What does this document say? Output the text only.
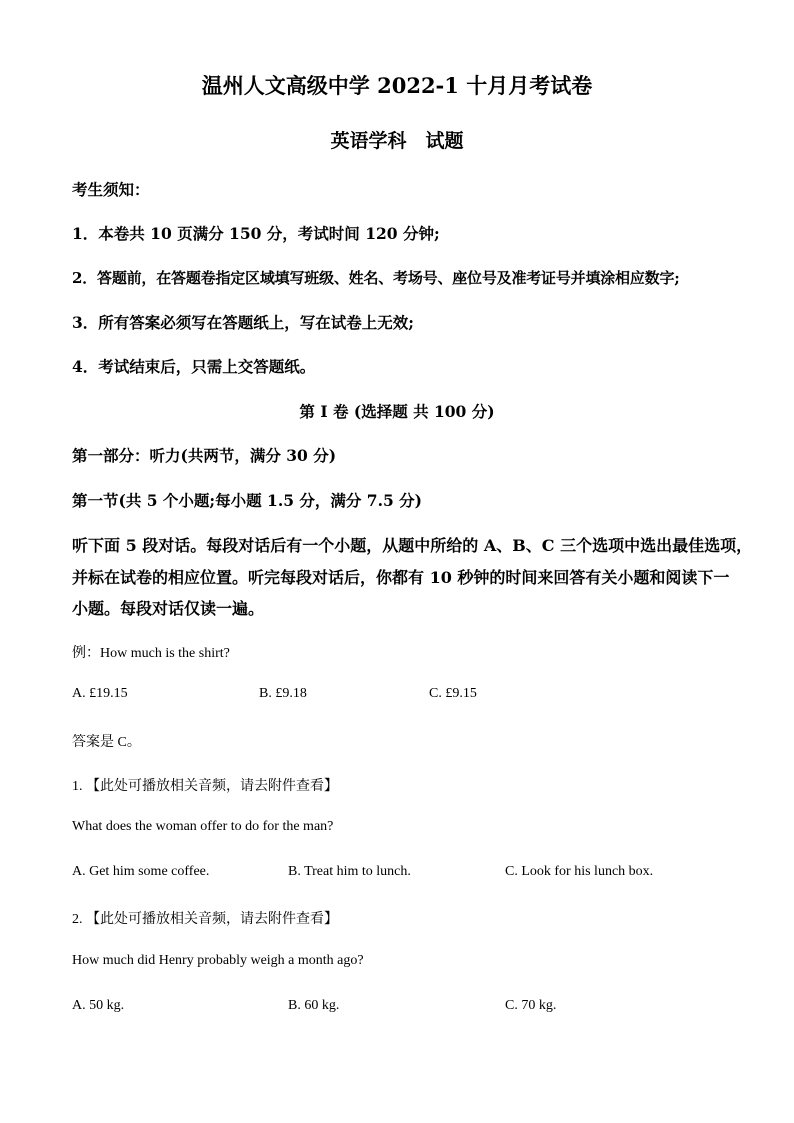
温州人文高级中学 2022-1 十月月考试卷
英语学科　试题
考生须知：
1．本卷共 10 页满分 150 分，考试时间 120 分钟;
2．答题前，在答题卷指定区域填写班级、姓名、考场号、座位号及准考证号并填涂相应数字;
3．所有答案必须写在答题纸上，写在试卷上无效;
4．考试结束后，只需上交答题纸。
第 I 卷 (选择题 共 100 分)
第一部分：听力(共两节，满分 30 分)
第一节(共 5 个小题;每小题 1.5 分，满分 7.5 分)
听下面 5 段对话。每段对话后有一个小题，从题中所给的 A、B、C 三个选项中选出最佳选项，
并标在试卷的相应位置。听完每段对话后，你都有 10 秒钟的时间来回答有关小题和阅读下一
小题。每段对话仅读一遍。
例：How much is the shirt?
A. £19.15	B. £9.18	C. £9.15
答案是 C。
1. 【此处可播放相关音频，请去附件查看】
What does the woman offer to do for the man?
A. Get him some coffee.	B. Treat him to lunch.	C. Look for his lunch box.
2. 【此处可播放相关音频，请去附件查看】
How much did Henry probably weigh a month ago?
A. 50 kg.	B. 60 kg.	C. 70 kg.
